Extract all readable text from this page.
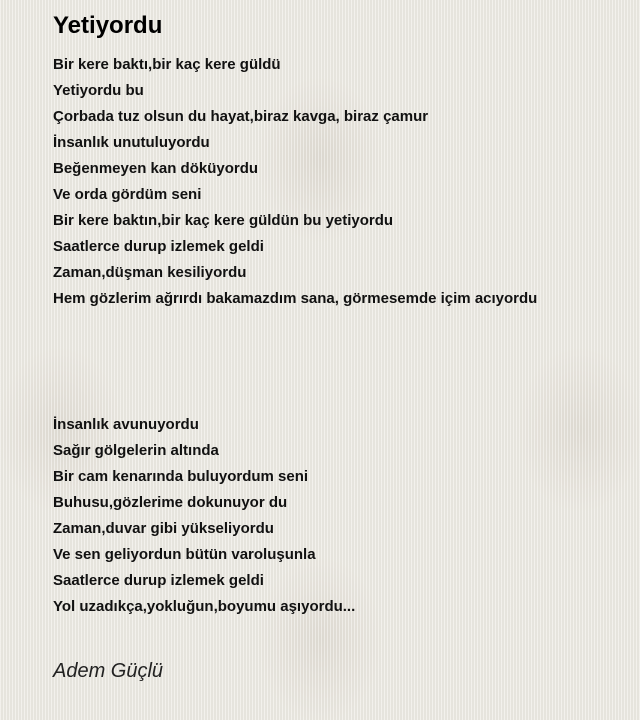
Yetiyordu
Bir kere baktı,bir kaç kere güldü
Yetiyordu bu
Çorbada tuz olsun du hayat,biraz kavga, biraz çamur
İnsanlık unutuluyordu
Beğenmeyen kan döküyordu
Ve orda gördüm seni
Bir kere baktın,bir kaç kere güldün bu yetiyordu
Saatlerce durup izlemek geldi
Zaman,düşman kesiliyordu
Hem gözlerim ağrırdı bakamazdım sana, görmesemde içim acıyordu
İnsanlık avunuyordu
Sağır gölgelerin altında
Bir cam kenarında buluyordum seni
Buhusu,gözlerime dokunuyor du
Zaman,duvar gibi yükseliyordu
Ve sen geliyordun bütün varoluşunla
Saatlerce durup izlemek geldi
Yol uzadıkça,yokluğun,boyumu aşıyordu...
Adem Güçlü
